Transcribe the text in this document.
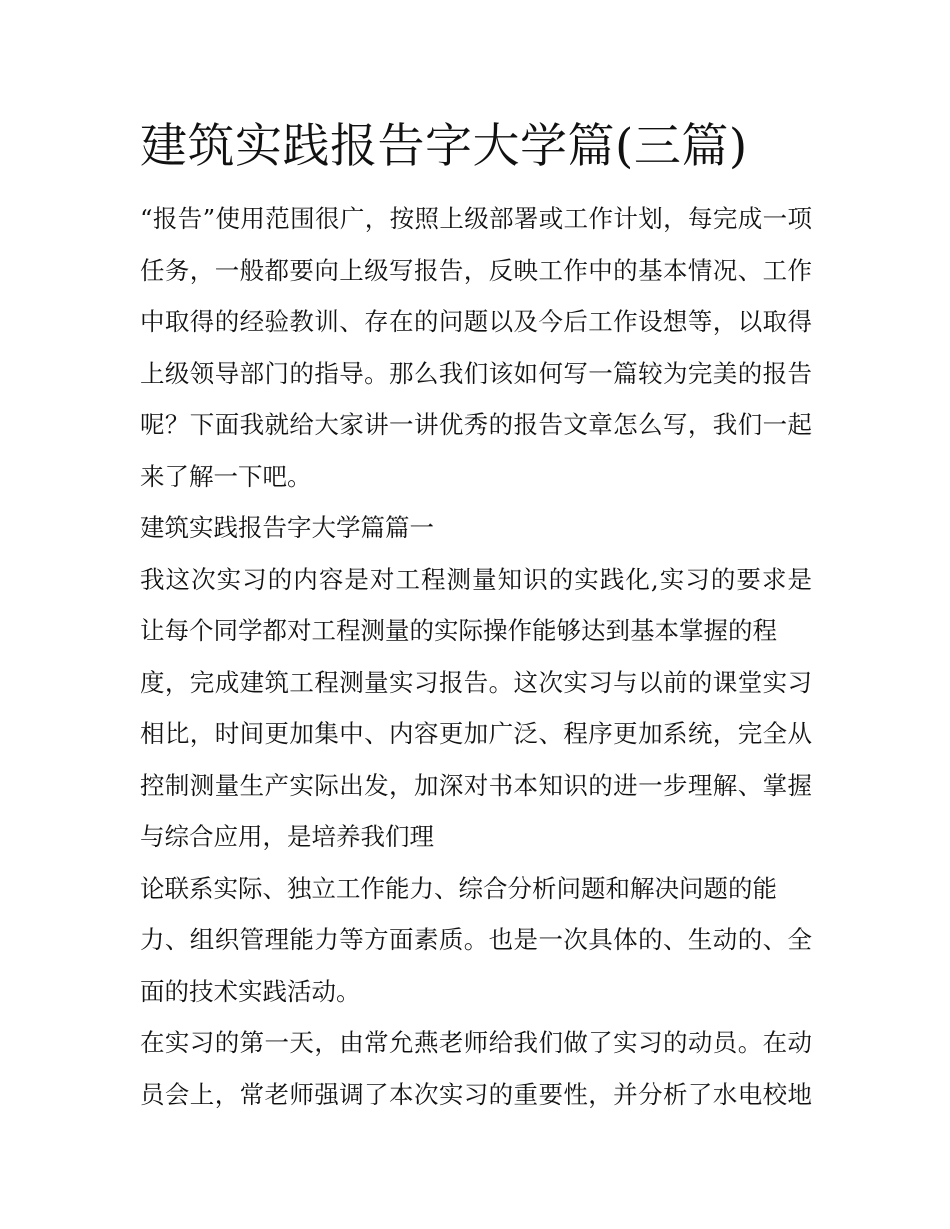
建筑实践报告字大学篇(三篇)
“报告”使用范围很广，按照上级部署或工作计划，每完成一项
任务，一般都要向上级写报告，反映工作中的基本情况、工作
中取得的经验教训、存在的问题以及今后工作设想等，以取得
上级领导部门的指导。那么我们该如何写一篇较为完美的报告
呢？下面我就给大家讲一讲优秀的报告文章怎么写，我们一起
来了解一下吧。
建筑实践报告字大学篇篇一
我这次实习的内容是对工程测量知识的实践化,实习的要求是
让每个同学都对工程测量的实际操作能够达到基本掌握的程
度，完成建筑工程测量实习报告。这次实习与以前的课堂实习
相比，时间更加集中、内容更加广泛、程序更加系统，完全从
控制测量生产实际出发，加深对书本知识的进一步理解、掌握
与综合应用，是培养我们理
论联系实际、独立工作能力、综合分析问题和解决问题的能
力、组织管理能力等方面素质。也是一次具体的、生动的、全
面的技术实践活动。
在实习的第一天，由常允燕老师给我们做了实习的动员。在动
员会上，常老师强调了本次实习的重要性，并分析了水电校地
